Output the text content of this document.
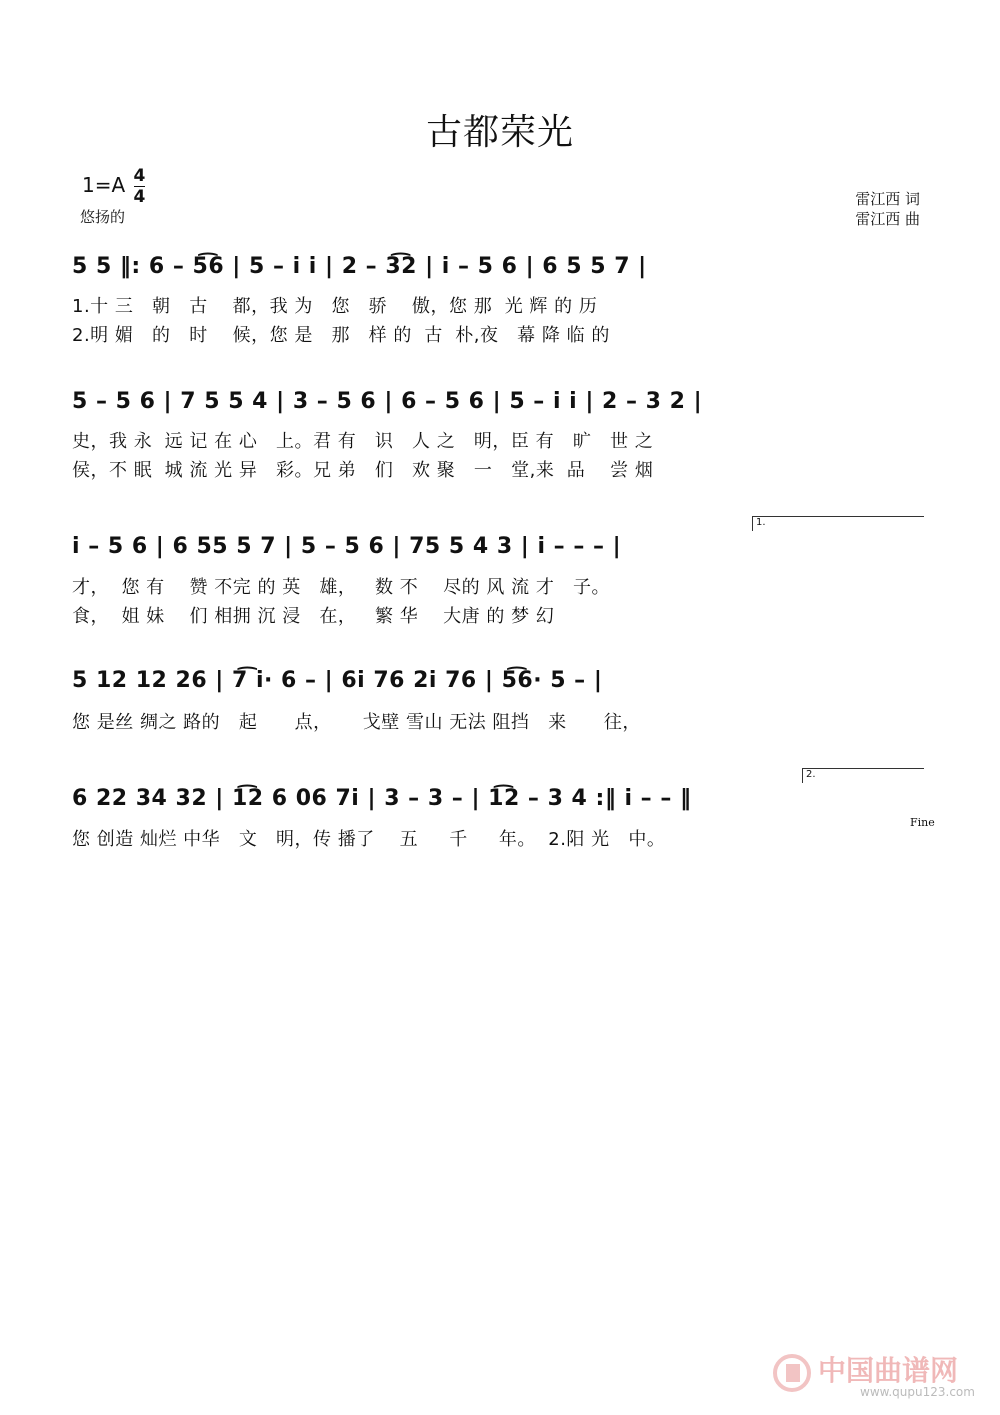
古都荣光
$1=A \frac{4}{4}$
悠扬的
雷江西 词
雷江西 曲
5 5 ‖: 6 – 5͡6 | 5 – i i | 2 – 3͡2 | i – 5 6 | 6 5 5 7 |
1.十 三   朝   古    都，我 为   您   骄    傲，您 那  光 辉 的 历
2.明 媚   的   时    候，您 是   那   样 的  古  朴,夜   幕 降 临 的
5 – 5 6 | 7 5 5 4 | 3 – 5 6 | 6 – 5 6 | 5 – i i | 2 – 3 2 |
史，我 永  远 记 在 心   上。君 有   识   人 之   明，臣 有   旷   世 之
侯，不 眠  城 流 光 异   彩。兄 弟   们   欢 聚   一   堂,来  品    尝 烟
1.
i – 5 6 | 6 55 5 7 | 5 – 5 6 | 75 5 4 3 | i – – – |
才，  您 有    赞 不完 的 英   雄，   数 不    尽的 风 流 才   子。
食，  姐 妹    们 相拥 沉 浸   在，   繁 华    大唐 的 梦 幻
5 12 12 26 | 7͡ i· 6 – | 6i 76 2i 76 | 5͡6· 5 – |
您 是丝 绸之 路的   起      点，     戈壁 雪山 无法 阻挡   来      往，
2.
6 22 34 32 | 1͡2 6 06 7i | 3 – 3 – | 1͡2 – 3 4 :‖ i – – ‖
Fine
您 创造 灿烂 中华   文   明，传 播了    五     千     年。  2.阳 光   中。
中国曲谱网
www.qupu123.com
